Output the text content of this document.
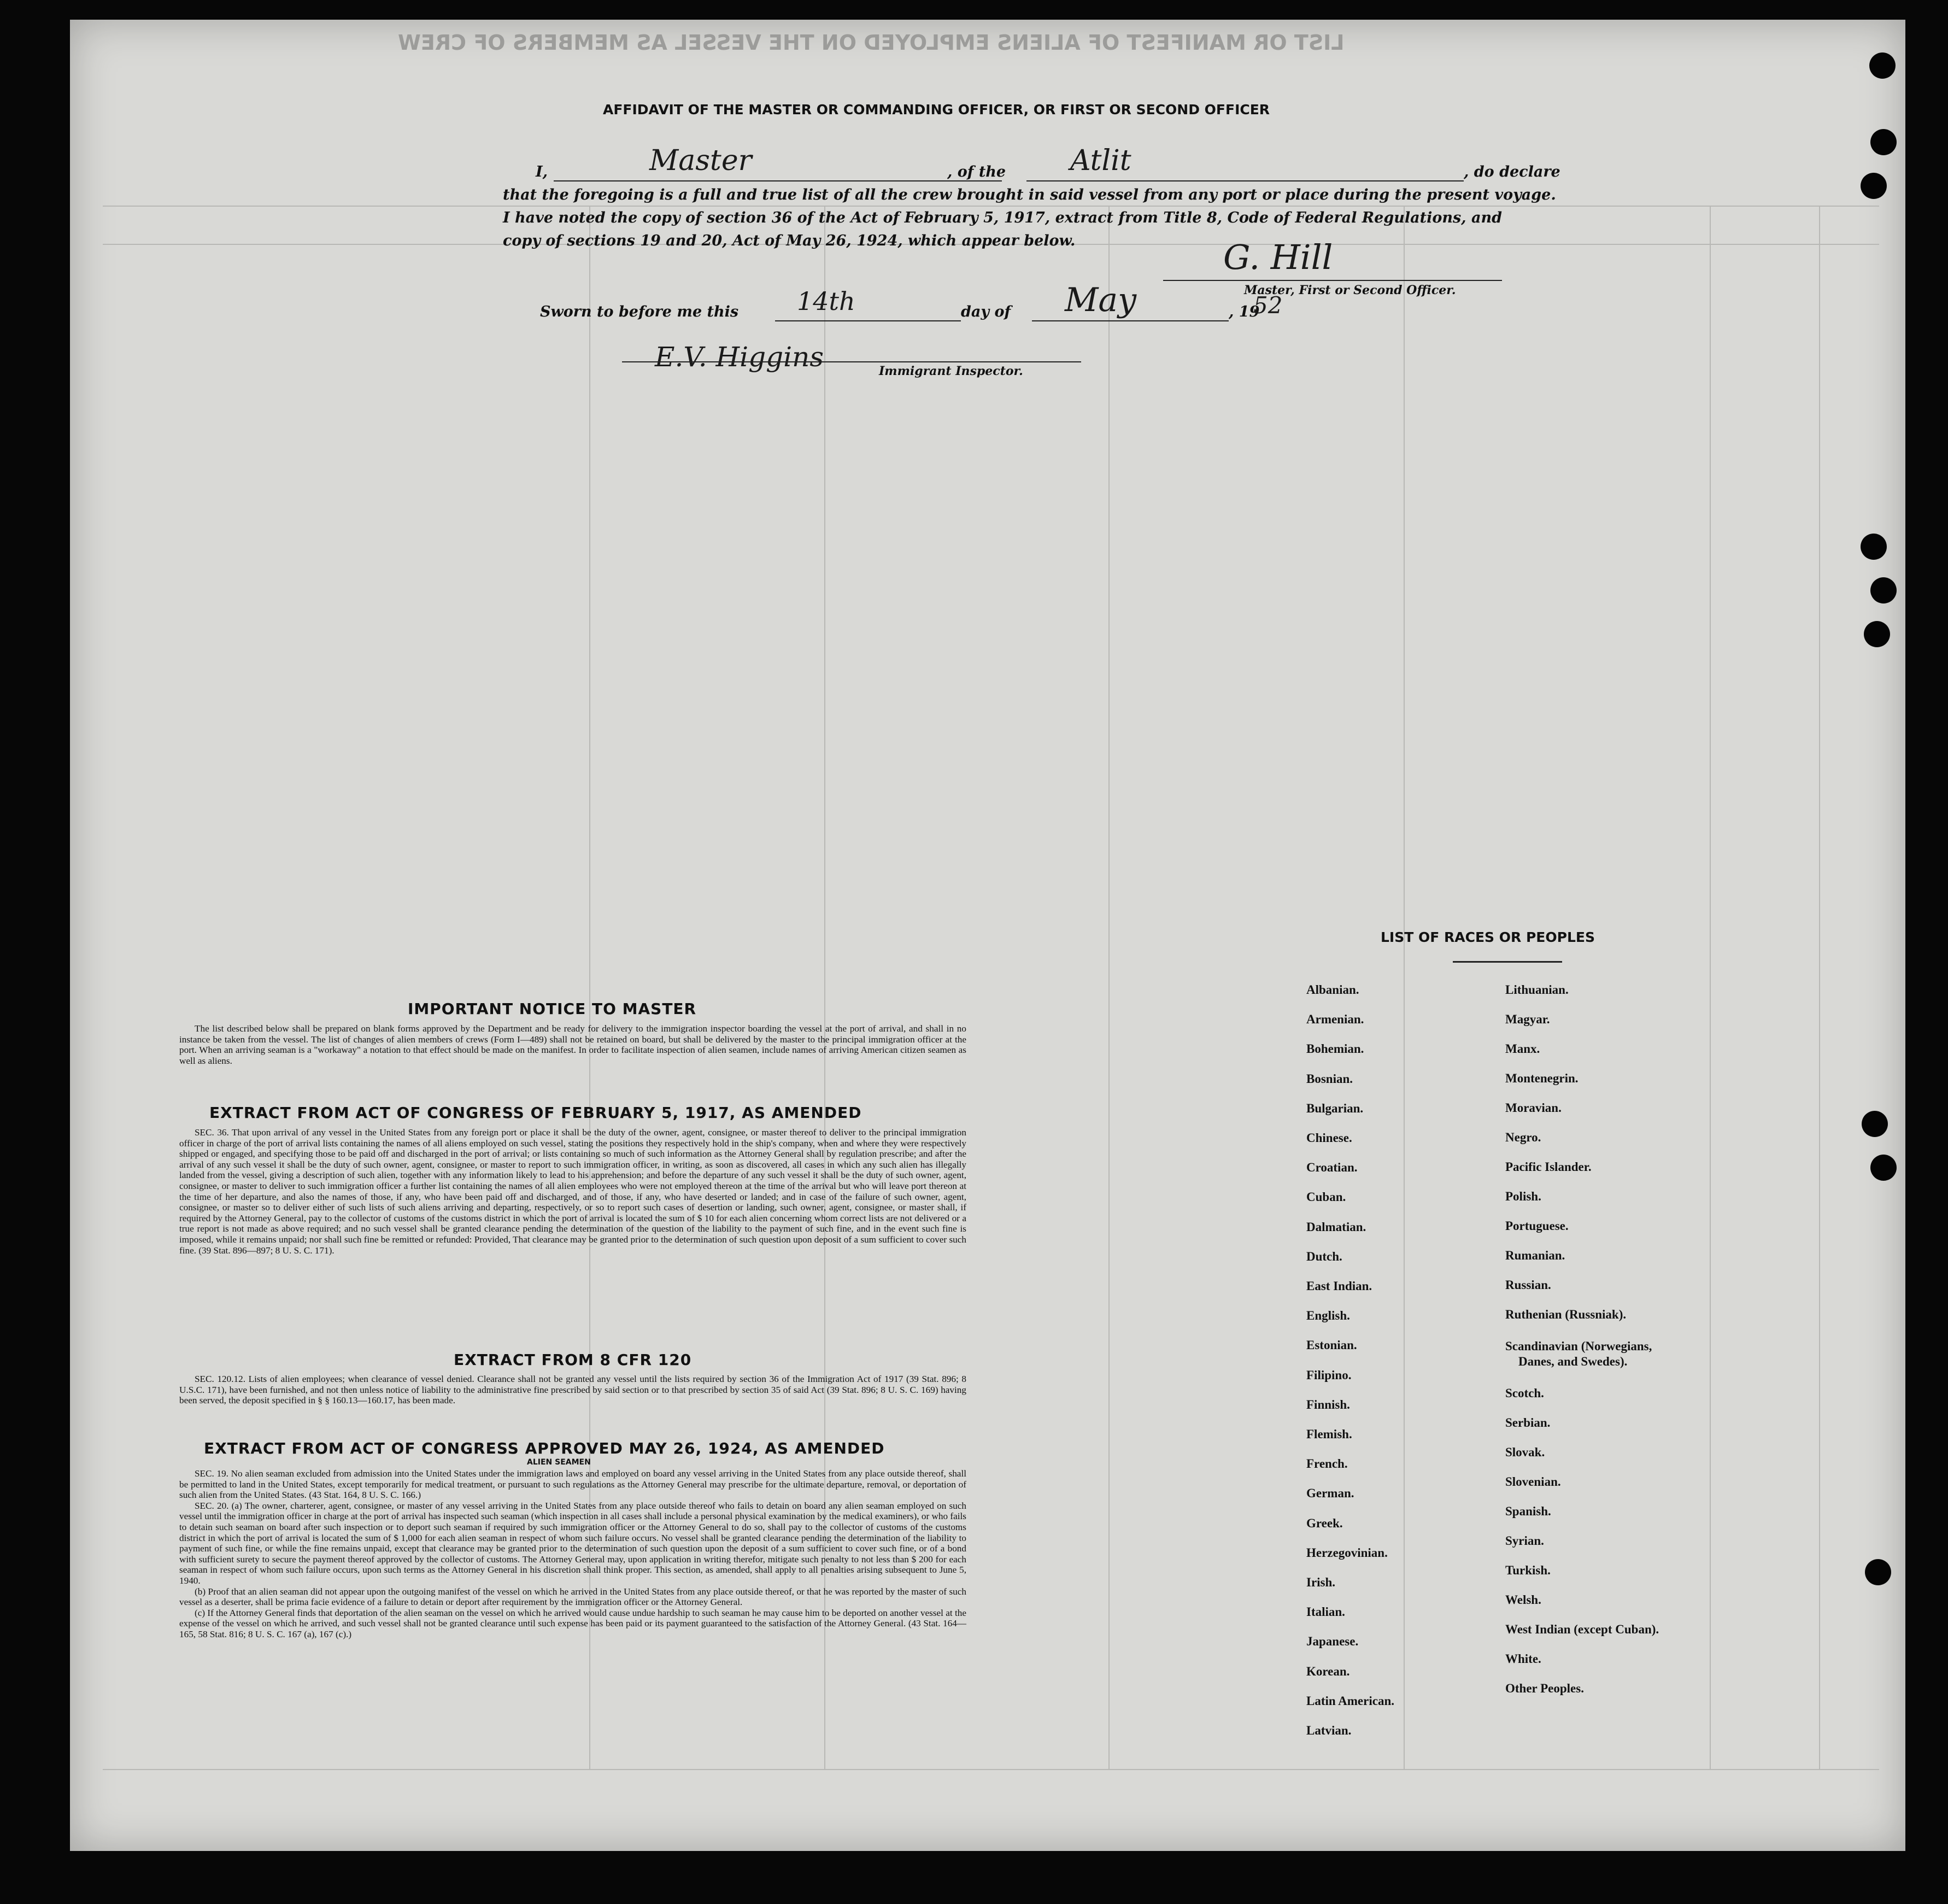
LIST OR MANIFEST OF ALIENS EMPLOYED ON THE VESSEL AS MEMBERS OF CREW
AFFIDAVIT OF THE MASTER OR COMMANDING OFFICER, OR FIRST OR SECOND OFFICER
I,	Master	, of the Atlit	, do declare
that the foregoing is a full and true list of all the crew brought in said vessel from any port or place during the present voyage.
I have noted the copy of section 36 of the Act of February 5, 1917, extract from Title 8, Code of Federal Regulations, and
copy of sections 19 and 20, Act of May 26, 1924, which appear below.	G. Hill
Master, First or Second Officer.
Sworn to before me this 14th	day of May	, 19
52
E.V. Higgins	Immigrant Inspector.
IMPORTANT NOTICE TO MASTER

The list described below shall be prepared on blank forms approved by the Department and be ready for delivery to the immigration inspector boarding the vessel at the port of arrival, and shall in no instance be taken from the vessel. The list of changes of alien members of crews (Form I—489) shall not be retained on board, but shall be delivered by the master to the principal immigration officer at the port. When an arriving seaman is a "workaway" a notation to that effect should be made on the manifest. In order to facilitate inspection of alien seamen, include names of arriving American citizen seamen as well as aliens.

EXTRACT FROM ACT OF CONGRESS OF FEBRUARY 5, 1917, AS AMENDED

SEC. 36. That upon arrival of any vessel in the United States from any foreign port or place it shall be the duty of the owner, agent, consignee, or master thereof to deliver to the principal immigration officer in charge of the port of arrival lists containing the names of all aliens employed on such vessel, stating the positions they respectively hold in the ship's company, when and where they were respectively shipped or engaged, and specifying those to be paid off and discharged in the port of arrival; or lists containing so much of such information as the Attorney General shall by regulation prescribe; and after the arrival of any such vessel it shall be the duty of such owner, agent, consignee, or master to report to such immigration officer, in writing, as soon as discovered, all cases in which any such alien has illegally landed from the vessel, giving a description of such alien, together with any information likely to lead to his apprehension; and before the departure of any such vessel it shall be the duty of such owner, agent, consignee, or master to deliver to such immigration officer a further list containing the names of all alien employees who were not employed thereon at the time of the arrival but who will leave port thereon at the time of her departure, and also the names of those, if any, who have been paid off and discharged, and of those, if any, who have deserted or landed; and in case of the failure of such owner, agent, consignee, or master so to deliver either of such lists of such aliens arriving and departing, respectively, or so to report such cases of desertion or landing, such owner, agent, consignee, or master shall, if required by the Attorney General, pay to the collector of customs of the customs district in which the port of arrival is located the sum of $ 10 for each alien concerning whom correct lists are not delivered or a true report is not made as above required; and no such vessel shall be granted clearance pending the determination of the question of the liability to the payment of such fine, and in the event such fine is imposed, while it remains unpaid; nor shall such fine be remitted or refunded: Provided, That clearance may be granted prior to the determination of such question upon deposit of a sum sufficient to cover such fine. (39 Stat. 896—897; 8 U. S. C. 171).

EXTRACT FROM 8 CFR 120

SEC. 120.12. Lists of alien employees; when clearance of vessel denied. Clearance shall not be granted any vessel until the lists required by section 36 of the Immigration Act of 1917 (39 Stat. 896; 8 U.S.C. 171), have been furnished, and not then unless notice of liability to the administrative fine prescribed by said section or to that prescribed by section 35 of said Act (39 Stat. 896; 8 U. S. C. 169) having been served, the deposit specified in § § 160.13—160.17, has been made.

EXTRACT FROM ACT OF CONGRESS APPROVED MAY 26, 1924, AS AMENDED
ALIEN SEAMEN

SEC. 19. No alien seaman excluded from admission into the United States under the immigration laws and employed on board any vessel arriving in the United States from any place outside thereof, shall be permitted to land in the United States, except temporarily for medical treatment, or pursuant to such regulations as the Attorney General may prescribe for the ultimate departure, removal, or deportation of such alien from the United States. (43 Stat. 164, 8 U. S. C. 166.)

SEC. 20. (a) The owner, charterer, agent, consignee, or master of any vessel arriving in the United States from any place outside thereof who fails to detain on board any alien seaman employed on such vessel until the immigration officer in charge at the port of arrival has inspected such seaman (which inspection in all cases shall include a personal physical examination by the medical examiners), or who fails to detain such seaman on board after such inspection or to deport such seaman if required by such immigration officer or the Attorney General to do so, shall pay to the collector of customs of the customs district in which the port of arrival is located the sum of $ 1,000 for each alien seaman in respect of whom such failure occurs. No vessel shall be granted clearance pending the determination of the liability to payment of such fine, or while the fine remains unpaid, except that clearance may be granted prior to the determination of such question upon the deposit of a sum sufficient to cover such fine, or of a bond with sufficient surety to secure the payment thereof approved by the collector of customs. The Attorney General may, upon application in writing therefor, mitigate such penalty to not less than $ 200 for each seaman in respect of whom such failure occurs, upon such terms as the Attorney General in his discretion shall think proper. This section, as amended, shall apply to all penalties arising subsequent to June 5, 1940.

(b) Proof that an alien seaman did not appear upon the outgoing manifest of the vessel on which he arrived in the United States from any place outside thereof, or that he was reported by the master of such vessel as a deserter, shall be prima facie evidence of a failure to detain or deport after requirement by the immigration officer or the Attorney General.

(c) If the Attorney General finds that deportation of the alien seaman on the vessel on which he arrived would cause undue hardship to such seaman he may cause him to be deported on another vessel at the expense of the vessel on which he arrived, and such vessel shall not be granted clearance until such expense has been paid or its payment guaranteed to the satisfaction of the Attorney General. (43 Stat. 164—165, 58 Stat. 816; 8 U. S. C. 167 (a), 167 (c).)

LIST OF RACES OR PEOPLES
Albanian.
Armenian.
Bohemian.
Bosnian.
Bulgarian.
Chinese.
Croatian.
Cuban.
Dalmatian.
Dutch.
East Indian.
English.
Estonian.
Filipino.
Finnish.
Flemish.
French.
German.
Greek.
Herzegovinian.
Irish.
Italian.
Japanese.
Korean.
Latin American.
Latvian.
Lithuanian.
Magyar.
Manx.
Montenegrin.
Moravian.
Negro.
Pacific Islander.
Polish.
Portuguese.
Rumanian.
Russian.
Ruthenian (Russniak).
Scandinavian (Norwegians,
Danes, and Swedes).
Scotch.
Serbian.
Slovak.
Slovenian.
Spanish.
Syrian.
Turkish.
Welsh.
West Indian (except Cuban).
White.
Other Peoples.
